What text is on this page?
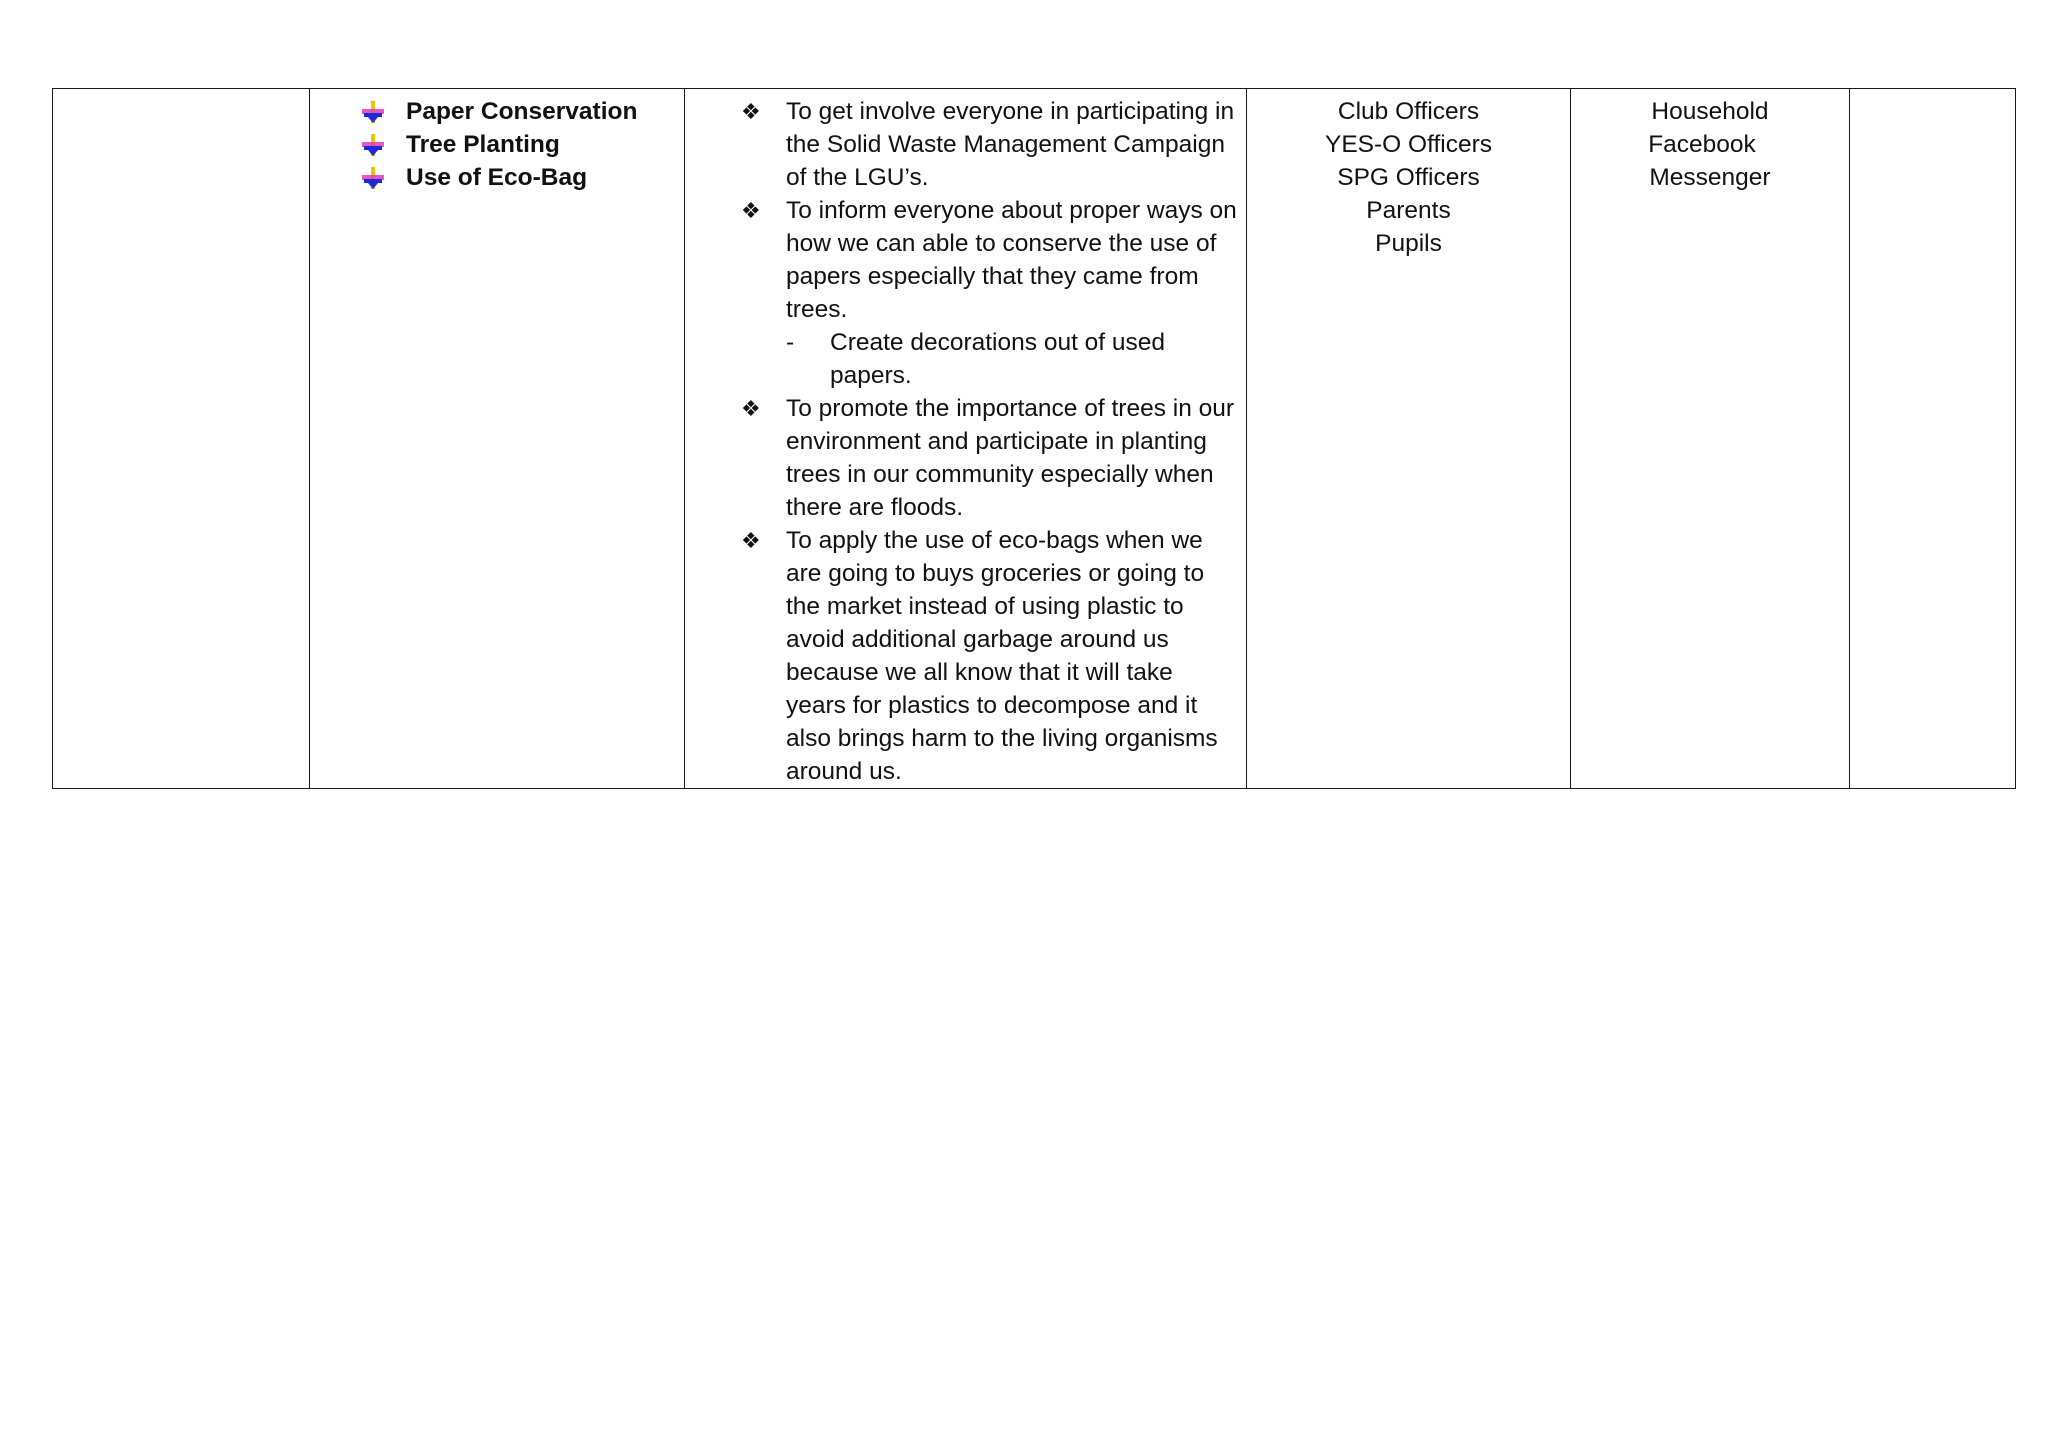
Paper Conservation
Tree Planting
Use of Eco-Bag

❖	To get involve everyone in participating in the Solid Waste Management Campaign of the LGU’s.
❖	To inform everyone about proper ways on how we can able to conserve the use of papers especially that they came from trees.
-	Create decorations out of used papers.
❖	To promote the importance of trees in our environment and participate in planting trees in our community especially when there are floods.
❖	To apply the use of eco-bags when we are going to buys groceries or going to the market instead of using plastic to avoid additional garbage around us because we all know that it will take years for plastics to decompose and it also brings harm to the living organisms around us.

Club Officers
YES-O Officers
SPG Officers
Parents
Pupils

Household Facebook Messenger
